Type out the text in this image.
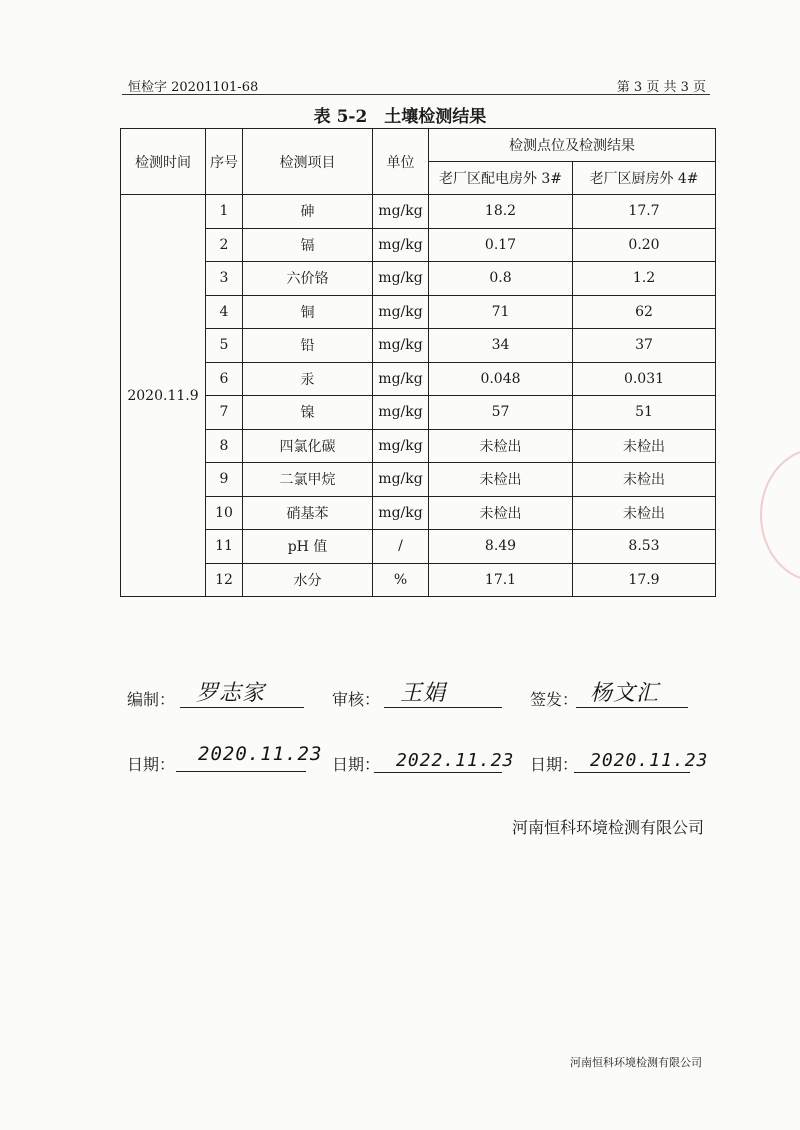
恒检字 20201101-68	第 3 页 共 3 页
表 5-2　土壤检测结果
检测时间	序号	检测项目	单位	检测点位及检测结果	
				老厂区配电房外 3#	老厂区厨房外 4#
2020.11.9	1	砷	mg/kg	18.2	17.7
	2	镉	mg/kg	0.17	0.20
	3	六价铬	mg/kg	0.8	1.2
	4	铜	mg/kg	71	62
	5	铅	mg/kg	34	37
	6	汞	mg/kg	0.048	0.031
	7	镍	mg/kg	57	51
	8	四氯化碳	mg/kg	未检出	未检出
	9	二氯甲烷	mg/kg	未检出	未检出
	10	硝基苯	mg/kg	未检出	未检出
	11	pH 值	/	8.49	8.53
	12	水分	%	17.1	17.9
编制： 罗志家	审核： 王娟	签发： 杨文汇
日期： 2020.11.23 日期： 2022.11.23 日期： 2020.11.23
河南恒科环境检测有限公司
河南恒科环境检测有限公司
